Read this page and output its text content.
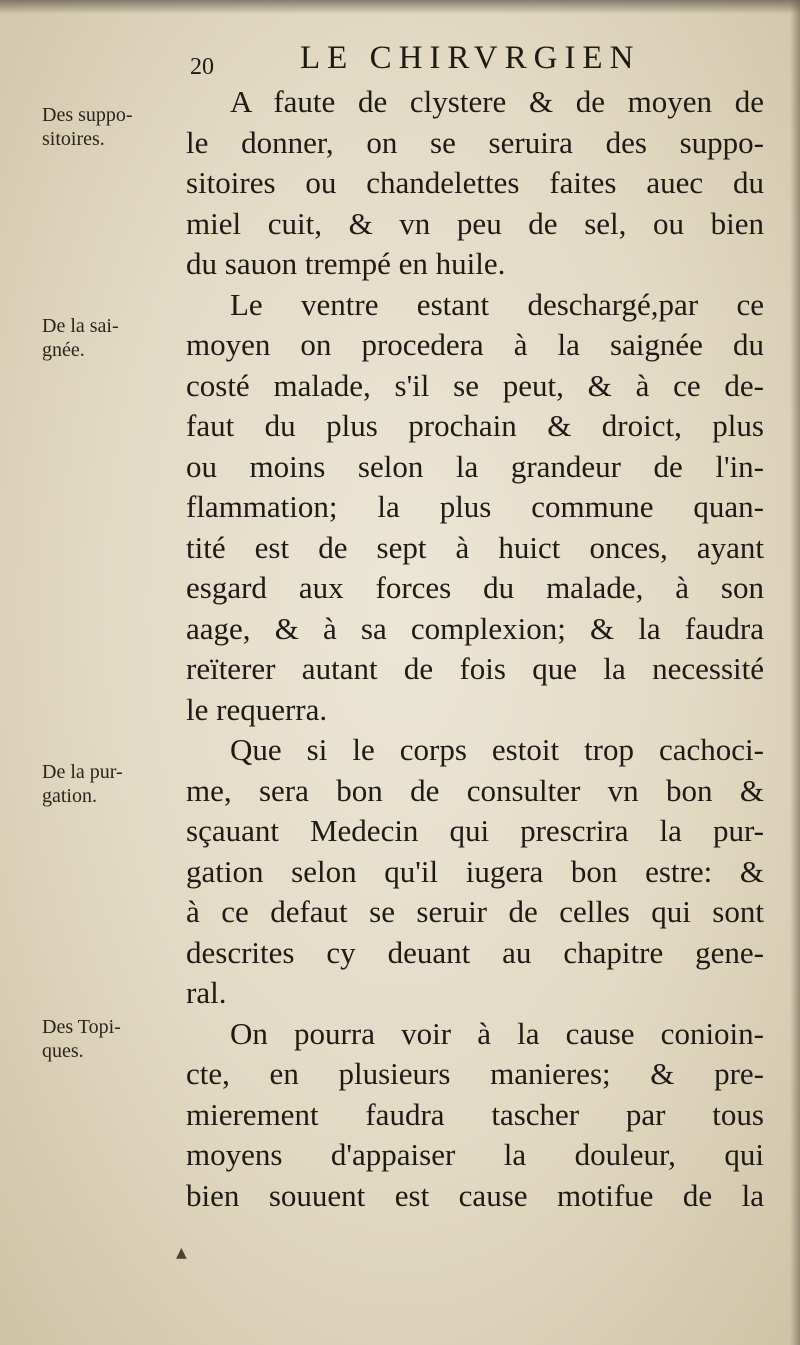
20	LE CHIRVRGIEN
Des suppo-
sitoires.
De la sai-
gnée.
De la pur-
gation.
Des Topi-
ques.
A faute de clystere & de moyen de
le donner, on se seruira des suppo-
sitoires ou chandelettes faites auec du
miel cuit, & vn peu de sel, ou bien
du sauon trempé en huile.
Le ventre estant deschargé,par ce
moyen on procedera à la saignée du
costé malade, s'il se peut, & à ce de-
faut du plus prochain & droict, plus
ou moins selon la grandeur de l'in-
flammation; la plus commune quan-
tité est de sept à huict onces, ayant
esgard aux forces du malade, à son
aage, & à sa complexion; & la faudra
reïterer autant de fois que la necessité
le requerra.
Que si le corps estoit trop cachoci-
me, sera bon de consulter vn bon &
sçauant Medecin qui prescrira la pur-
gation selon qu'il iugera bon estre: &
à ce defaut se seruir de celles qui sont
descrites cy deuant au chapitre gene-
ral.
On pourra voir à la cause conioin-
cte, en plusieurs manieres; & pre-
mierement faudra tascher par tous
moyens d'appaiser la douleur, qui
bien souuent est cause motifue de la
▲
